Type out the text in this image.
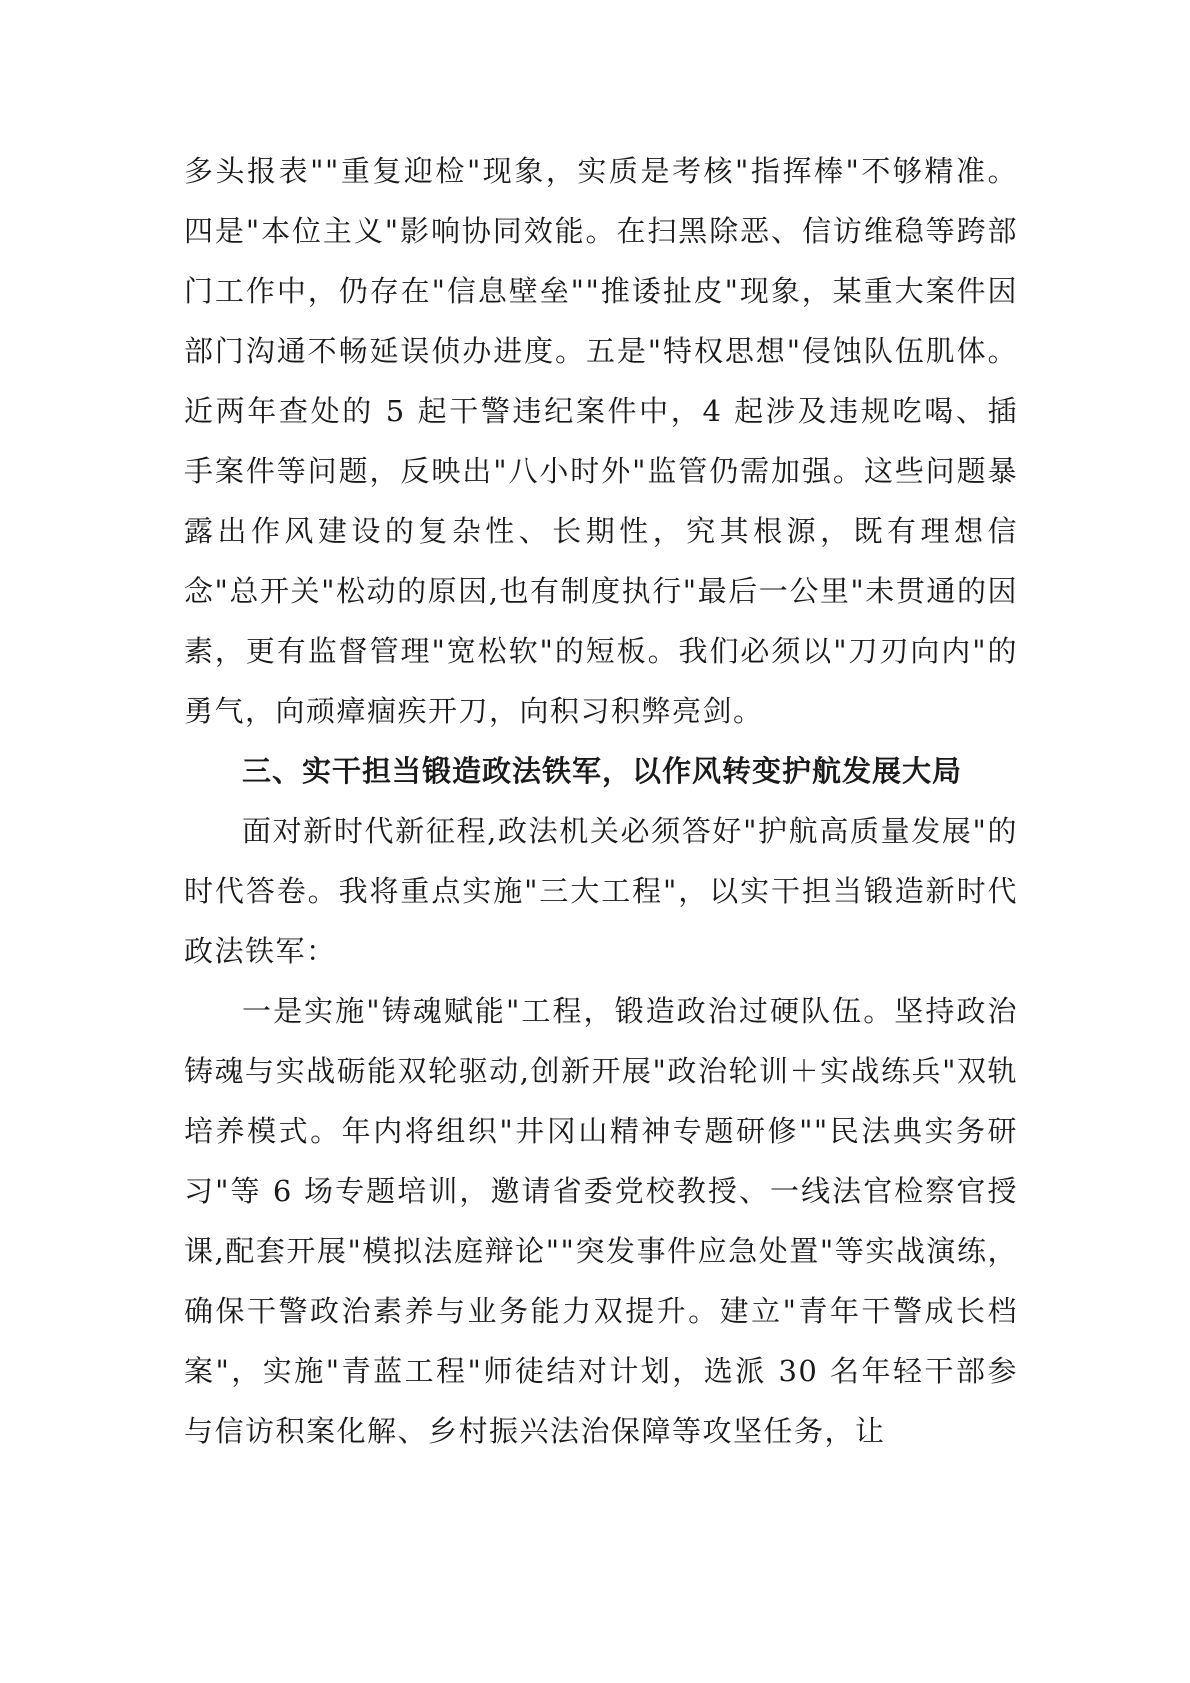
多头报表""重复迎检"现象，实质是考核"指挥棒"不够精准。四是"本位主义"影响协同效能。在扫黑除恶、信访维稳等跨部门工作中，仍存在"信息壁垒""推诿扯皮"现象，某重大案件因部门沟通不畅延误侦办进度。五是"特权思想"侵蚀队伍肌体。近两年查处的 5 起干警违纪案件中，4 起涉及违规吃喝、插手案件等问题，反映出"八小时外"监管仍需加强。这些问题暴露出作风建设的复杂性、长期性，究其根源，既有理想信念"总开关"松动的原因,也有制度执行"最后一公里"未贯通的因素，更有监督管理"宽松软"的短板。我们必须以"刀刃向内"的勇气，向顽瘴痼疾开刀，向积习积弊亮剑。

三、实干担当锻造政法铁军，以作风转变护航发展大局

面对新时代新征程,政法机关必须答好"护航高质量发展"的时代答卷。我将重点实施"三大工程"，以实干担当锻造新时代政法铁军：

一是实施"铸魂赋能"工程，锻造政治过硬队伍。坚持政治铸魂与实战砺能双轮驱动,创新开展"政治轮训＋实战练兵"双轨培养模式。年内将组织"井冈山精神专题研修""民法典实务研习"等 6 场专题培训，邀请省委党校教授、一线法官检察官授课,配套开展"模拟法庭辩论""突发事件应急处置"等实战演练，确保干警政治素养与业务能力双提升。建立"青年干警成长档案"，实施"青蓝工程"师徒结对计划，选派 30 名年轻干部参与信访积案化解、乡村振兴法治保障等攻坚任务，让
